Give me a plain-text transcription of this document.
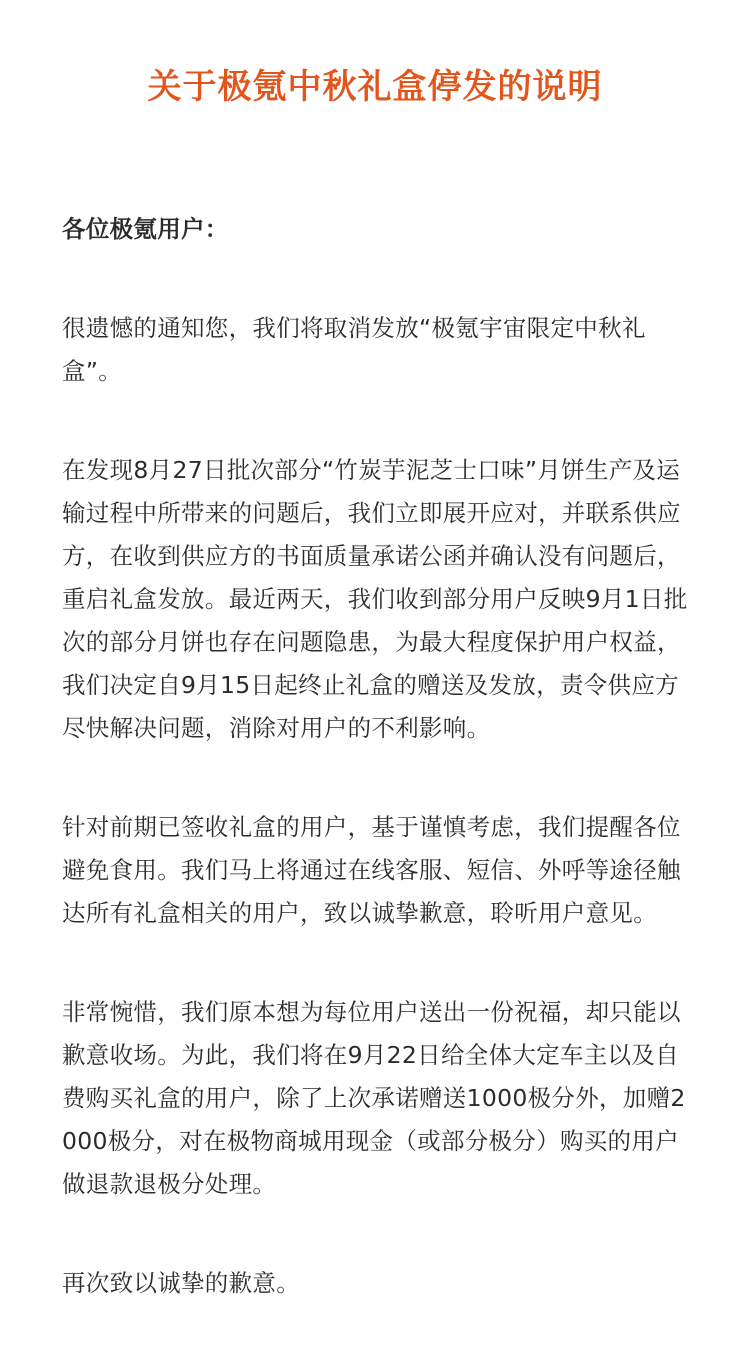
关于极氪中秋礼盒停发的说明

各位极氪用户：

很遗憾的通知您，我们将取消发放“极氪宇宙限定中秋礼盒”。

在发现8月27日批次部分“竹炭芋泥芝士口味”月饼生产及运输过程中所带来的问题后，我们立即展开应对，并联系供应方，在收到供应方的书面质量承诺公函并确认没有问题后，重启礼盒发放。最近两天，我们收到部分用户反映9月1日批次的部分月饼也存在问题隐患，为最大程度保护用户权益，我们决定自9月15日起终止礼盒的赠送及发放，责令供应方尽快解决问题，消除对用户的不利影响。

针对前期已签收礼盒的用户，基于谨慎考虑，我们提醒各位避免食用。我们马上将通过在线客服、短信、外呼等途径触达所有礼盒相关的用户，致以诚挚歉意，聆听用户意见。

非常惋惜，我们原本想为每位用户送出一份祝福，却只能以歉意收场。为此，我们将在9月22日给全体大定车主以及自费购买礼盒的用户，除了上次承诺赠送1000极分外，加赠2000极分，对在极物商城用现金（或部分极分）购买的用户做退款退极分处理。

再次致以诚挚的歉意。
